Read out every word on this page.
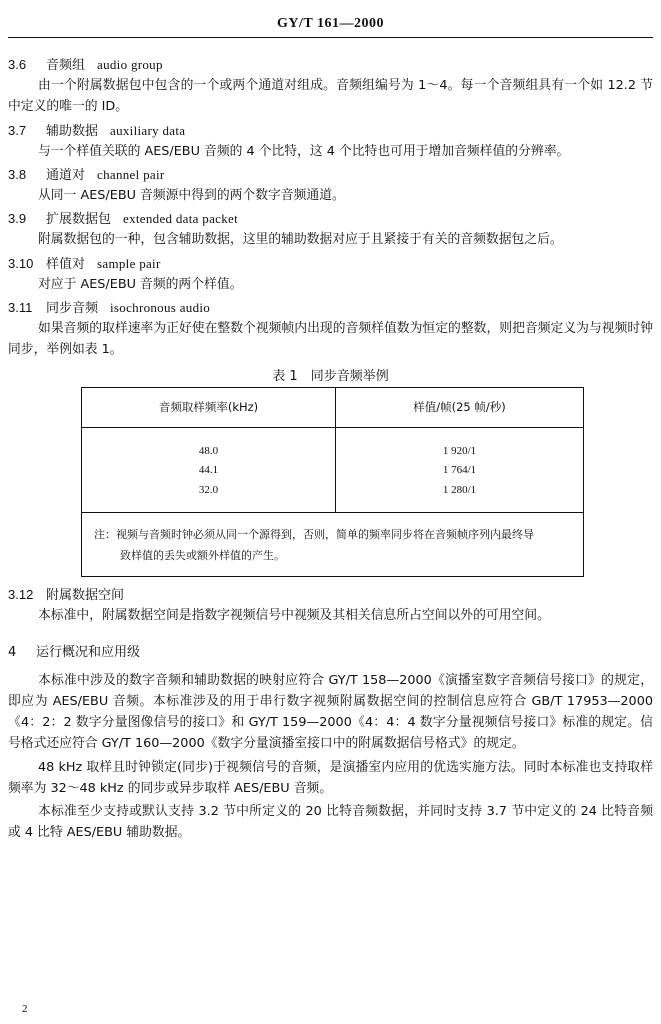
GY/T 161—2000
3.6 音频组 audio group
由一个附属数据包中包含的一个或两个通道对组成。音频组编号为 1～4。每一个音频组具有一个如 12.2 节中定义的唯一的 ID。
3.7 辅助数据 auxiliary data
与一个样值关联的 AES/EBU 音频的 4 个比特，这 4 个比特也可用于增加音频样值的分辨率。
3.8 通道对 channel pair
从同一 AES/EBU 音频源中得到的两个数字音频通道。
3.9 扩展数据包 extended data packet
附属数据包的一种，包含辅助数据，这里的辅助数据对应于且紧接于有关的音频数据包之后。
3.10 样值对 sample pair
对应于 AES/EBU 音频的两个样值。
3.11 同步音频 isochronous audio
如果音频的取样速率为正好使在整数个视频帧内出现的音频样值数为恒定的整数，则把音频定义为与视频时钟同步，举例如表 1。
表 1　同步音频举例
音频取样频率(kHz)	样值/帧(25 帧/秒)
48.0	1 920/1
44.1	1 764/1
32.0	1 280/1
注：视频与音频时钟必须从同一个源得到，否则，简单的频率同步将在音频帧序列内最终导
致样值的丢失或额外样值的产生。
3.12 附属数据空间
本标准中，附属数据空间是指数字视频信号中视频及其相关信息所占空间以外的可用空间。
4 运行概况和应用级
本标准中涉及的数字音频和辅助数据的映射应符合 GY/T 158—2000《演播室数字音频信号接口》的规定，即应为 AES/EBU 音频。本标准涉及的用于串行数字视频附属数据空间的控制信息应符合 GB/T 17953—2000《4：2：2 数字分量图像信号的接口》和 GY/T 159—2000《4：4：4 数字分量视频信号接口》标准的规定。信号格式还应符合 GY/T 160—2000《数字分量演播室接口中的附属数据信号格式》的规定。
48 kHz 取样且时钟锁定(同步)于视频信号的音频，是演播室内应用的优选实施方法。同时本标准也支持取样频率为 32～48 kHz 的同步或异步取样 AES/EBU 音频。
本标准至少支持或默认支持 3.2 节中所定义的 20 比特音频数据，并同时支持 3.7 节中定义的 24 比特音频或 4 比特 AES/EBU 辅助数据。
2
